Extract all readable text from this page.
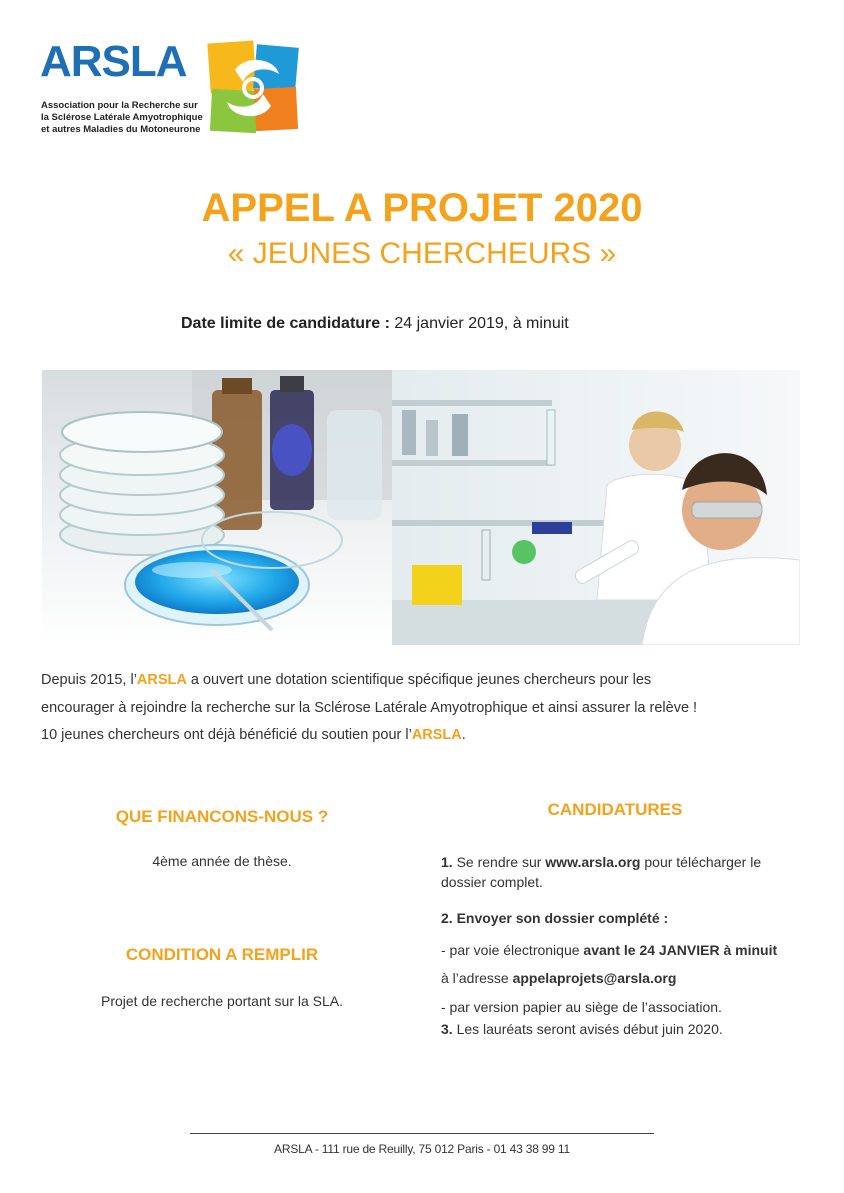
ARSLA
Association pour la Recherche sur
la Sclérose Latérale Amyotrophique
et autres Maladies du Motoneurone
APPEL A PROJET 2020
« JEUNES CHERCHEURS »
Date limite de candidature : 24 janvier 2019, à minuit
Depuis 2015, l’ARSLA a ouvert une dotation scientifique spécifique jeunes chercheurs pour les
encourager à rejoindre la recherche sur la Sclérose Latérale Amyotrophique et ainsi assurer la relève !
10 jeunes chercheurs ont déjà bénéficié du soutien pour l’ARSLA.
QUE FINANCONS-NOUS ?
4ème année de thèse.
CONDITION A REMPLIR
Projet de recherche portant sur la SLA.
CANDIDATURES
1. Se rendre sur www.arsla.org pour télécharger le
dossier complet.
2. Envoyer son dossier complété :
- par voie électronique avant le 24 JANVIER à minuit
à l’adresse appelaprojets@arsla.org
- par version papier au siège de l’association.
3. Les lauréats seront avisés début juin 2020.
ARSLA - 111 rue de Reuilly, 75 012 Paris - 01 43 38 99 11
